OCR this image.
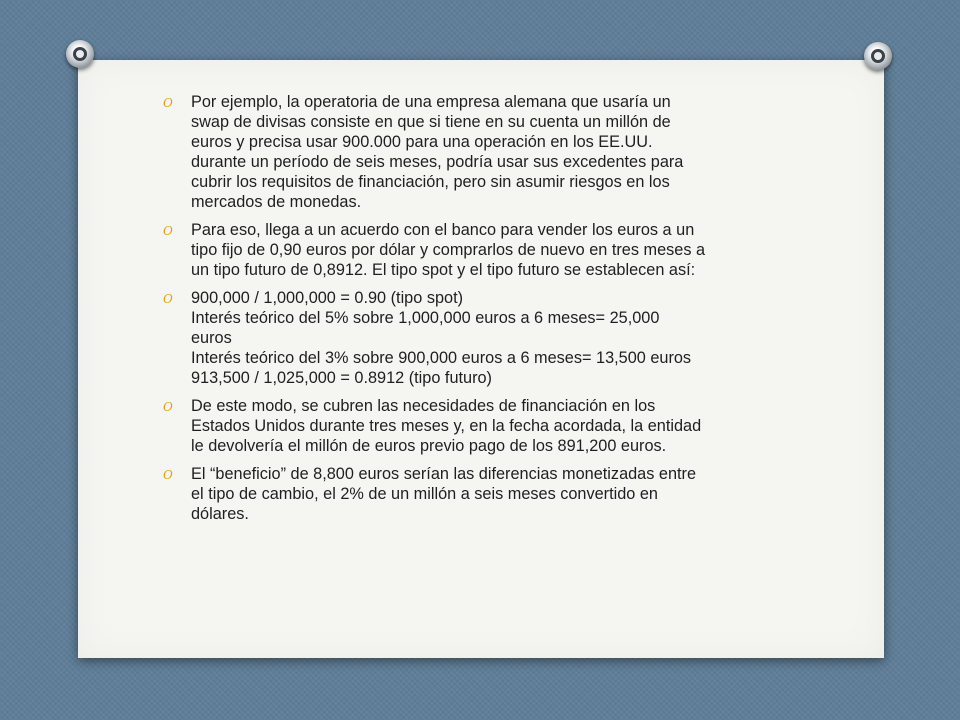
O Por ejemplo, la operatoria de una empresa alemana que usaría un
swap de divisas consiste en que si tiene en su cuenta un millón de
euros y precisa usar 900.000 para una operación en los EE.UU.
durante un período de seis meses, podría usar sus excedentes para
cubrir los requisitos de financiación, pero sin asumir riesgos en los
mercados de monedas.
O Para eso, llega a un acuerdo con el banco para vender los euros a un
tipo fijo de 0,90 euros por dólar y comprarlos de nuevo en tres meses a
un tipo futuro de 0,8912. El tipo spot y el tipo futuro se establecen así:
O 900,000 / 1,000,000 = 0.90 (tipo spot)
Interés teórico del 5% sobre 1,000,000 euros a 6 meses= 25,000
euros
Interés teórico del 3% sobre 900,000 euros a 6 meses= 13,500 euros
913,500 / 1,025,000 = 0.8912 (tipo futuro)
O De este modo, se cubren las necesidades de financiación en los
Estados Unidos durante tres meses y, en la fecha acordada, la entidad
le devolvería el millón de euros previo pago de los 891,200 euros.
O El “beneficio” de 8,800 euros serían las diferencias monetizadas entre
el tipo de cambio, el 2% de un millón a seis meses convertido en
dólares.
